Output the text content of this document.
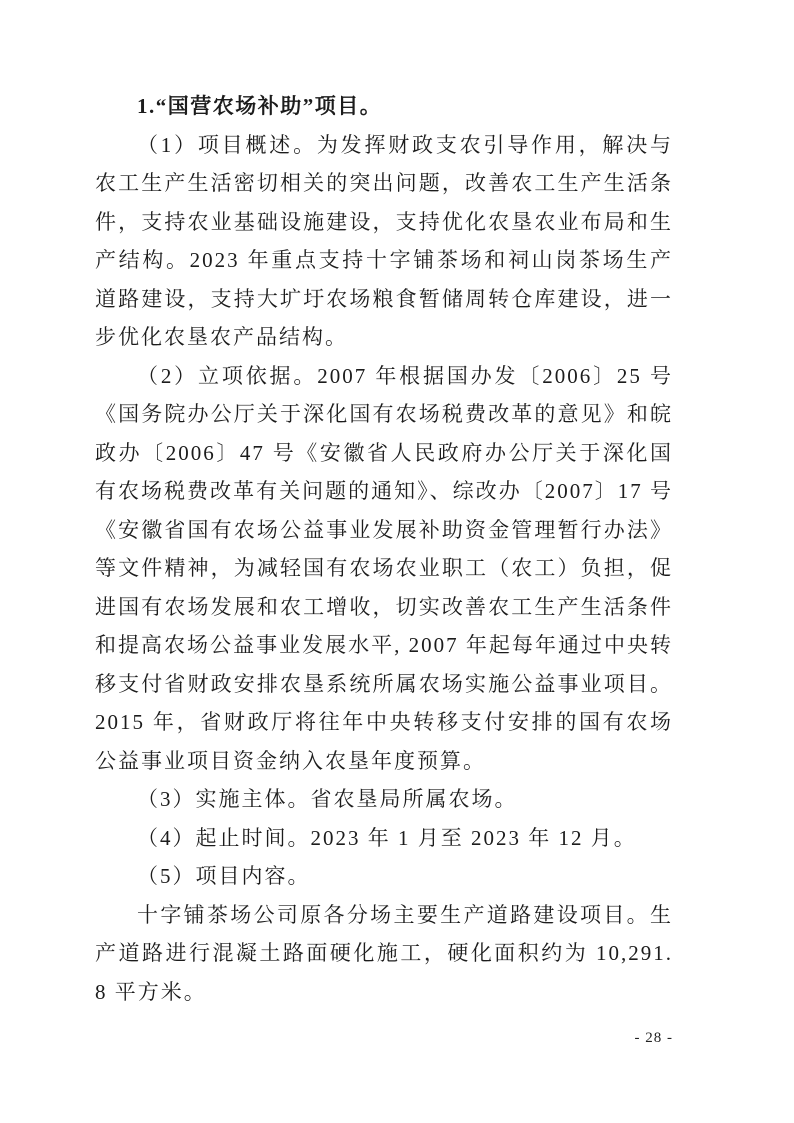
1.“国营农场补助”项目。

（1）项目概述。为发挥财政支农引导作用，解决与农工生产生活密切相关的突出问题，改善农工生产生活条件，支持农业基础设施建设，支持优化农垦农业布局和生产结构。2023 年重点支持十字铺茶场和祠山岗茶场生产道路建设，支持大圹圩农场粮食暂储周转仓库建设，进一步优化农垦农产品结构。

（2）立项依据。2007 年根据国办发〔2006〕25 号《国务院办公厅关于深化国有农场税费改革的意见》和皖政办〔2006〕47 号《安徽省人民政府办公厅关于深化国有农场税费改革有关问题的通知》、综改办〔2007〕17 号《安徽省国有农场公益事业发展补助资金管理暂行办法》等文件精神，为减轻国有农场农业职工（农工）负担，促进国有农场发展和农工增收，切实改善农工生产生活条件和提高农场公益事业发展水平, 2007 年起每年通过中央转移支付省财政安排农垦系统所属农场实施公益事业项目。2015 年，省财政厅将往年中央转移支付安排的国有农场公益事业项目资金纳入农垦年度预算。

（3）实施主体。省农垦局所属农场。

（4）起止时间。2023 年 1 月至 2023 年 12 月。

（5）项目内容。

十字铺茶场公司原各分场主要生产道路建设项目。生产道路进行混凝土路面硬化施工，硬化面积约为 10,291.8 平方米。

- 28 -
